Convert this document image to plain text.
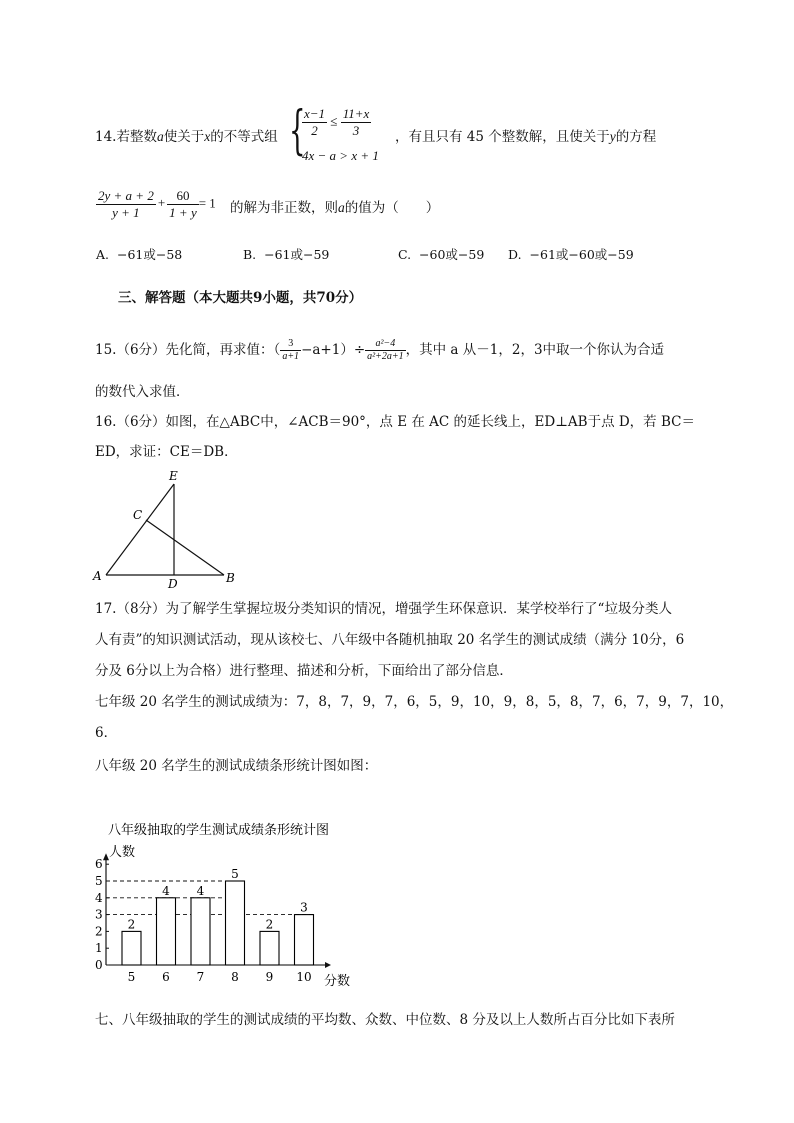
14.若整数a使关于x的不等式组 {
$\frac{x-1}{2} \le \frac{11+x}{3}$
4x − a > x + 1
，有且只有 45 个整数解，且使关于y的方程
$\frac{2y + a + 2}{y + 1} + \frac{60}{1 + y} = 1$ 的解为非正数，则a的值为（　　）
A. −61或−58	B. −61或−59	C. −60或−59 D. −61或−60或−59
三、解答题（本大题共9小题，共70分）
15.（6分）先化简，再求值：（ $\frac{3}{a+1} -a+1)\div \frac{\text{a²−4}}{\text{a²+2a+1}}$ ，其中 a 从－1，2，3中取一个你认为合适
的数代入求值．
16.（6分）如图，在△ABC中，∠ACB＝90°，点 E 在 AC 的延长线上，ED⊥AB于点 D，若 BC＝
ED，求证：CE＝DB．
A	B
C
D
E
17.（8分）为了解学生掌握垃圾分类知识的情况，增强学生环保意识．某学校举行了“垃圾分类人
人有责”的知识测试活动，现从该校七、八年级中各随机抽取 20 名学生的测试成绩（满分 10分，6
分及 6分以上为合格）进行整理、描述和分析，下面给出了部分信息．
七年级 20 名学生的测试成绩为：7，8，7，9，7，6，5，9，10，9，8，5，8，7，6，7，9，7，10，
6．
八年级 20 名学生的测试成绩条形统计图如图：
八年级抽取的学生测试成绩条形统计图
人数
分数
0
1
2
3
4
5
6
2
5
4
6
4
7
5
8
2
9
3
10
七、八年级抽取的学生的测试成绩的平均数、众数、中位数、8 分及以上人数所占百分比如下表所
